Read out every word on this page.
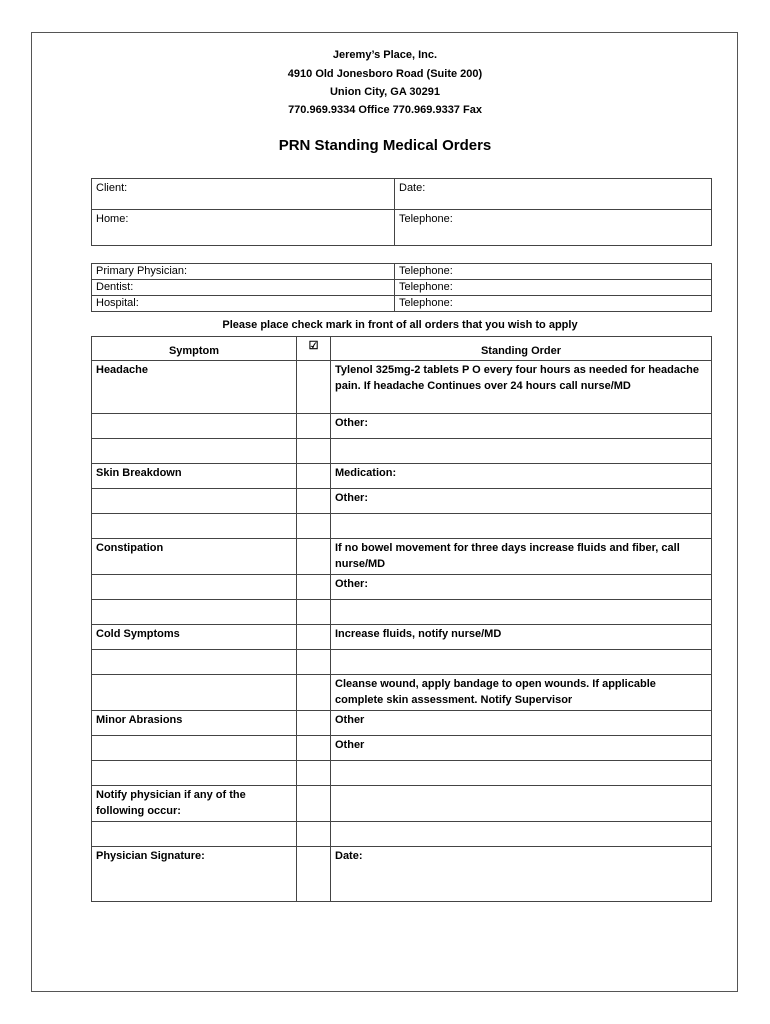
Jeremy’s Place, Inc.
4910 Old Jonesboro Road (Suite 200)
Union City, GA 30291
770.969.9334 Office 770.969.9337 Fax
PRN Standing Medical Orders
Client:	Date:
Home:	Telephone:
Primary Physician:	Telephone:
Dentist:	Telephone:
Hospital:	Telephone:
Please place check mark in front of all orders that you wish to apply
Symptom	☑	Standing Order
Headache		Tylenol 325mg-2 tablets P O every four hours as needed for headache pain. If headache Continues over 24 hours call nurse/MD
		Other:

Skin Breakdown		Medication:
		Other:

Constipation		If no bowel movement for three days increase fluids and fiber, call nurse/MD
		Other:

Cold Symptoms		Increase fluids, notify nurse/MD

		Cleanse wound, apply bandage to open wounds. If applicable complete skin assessment. Notify Supervisor
Minor Abrasions		Other
		Other

Notify physician if any of the following occur:		

Physician Signature:		Date:
